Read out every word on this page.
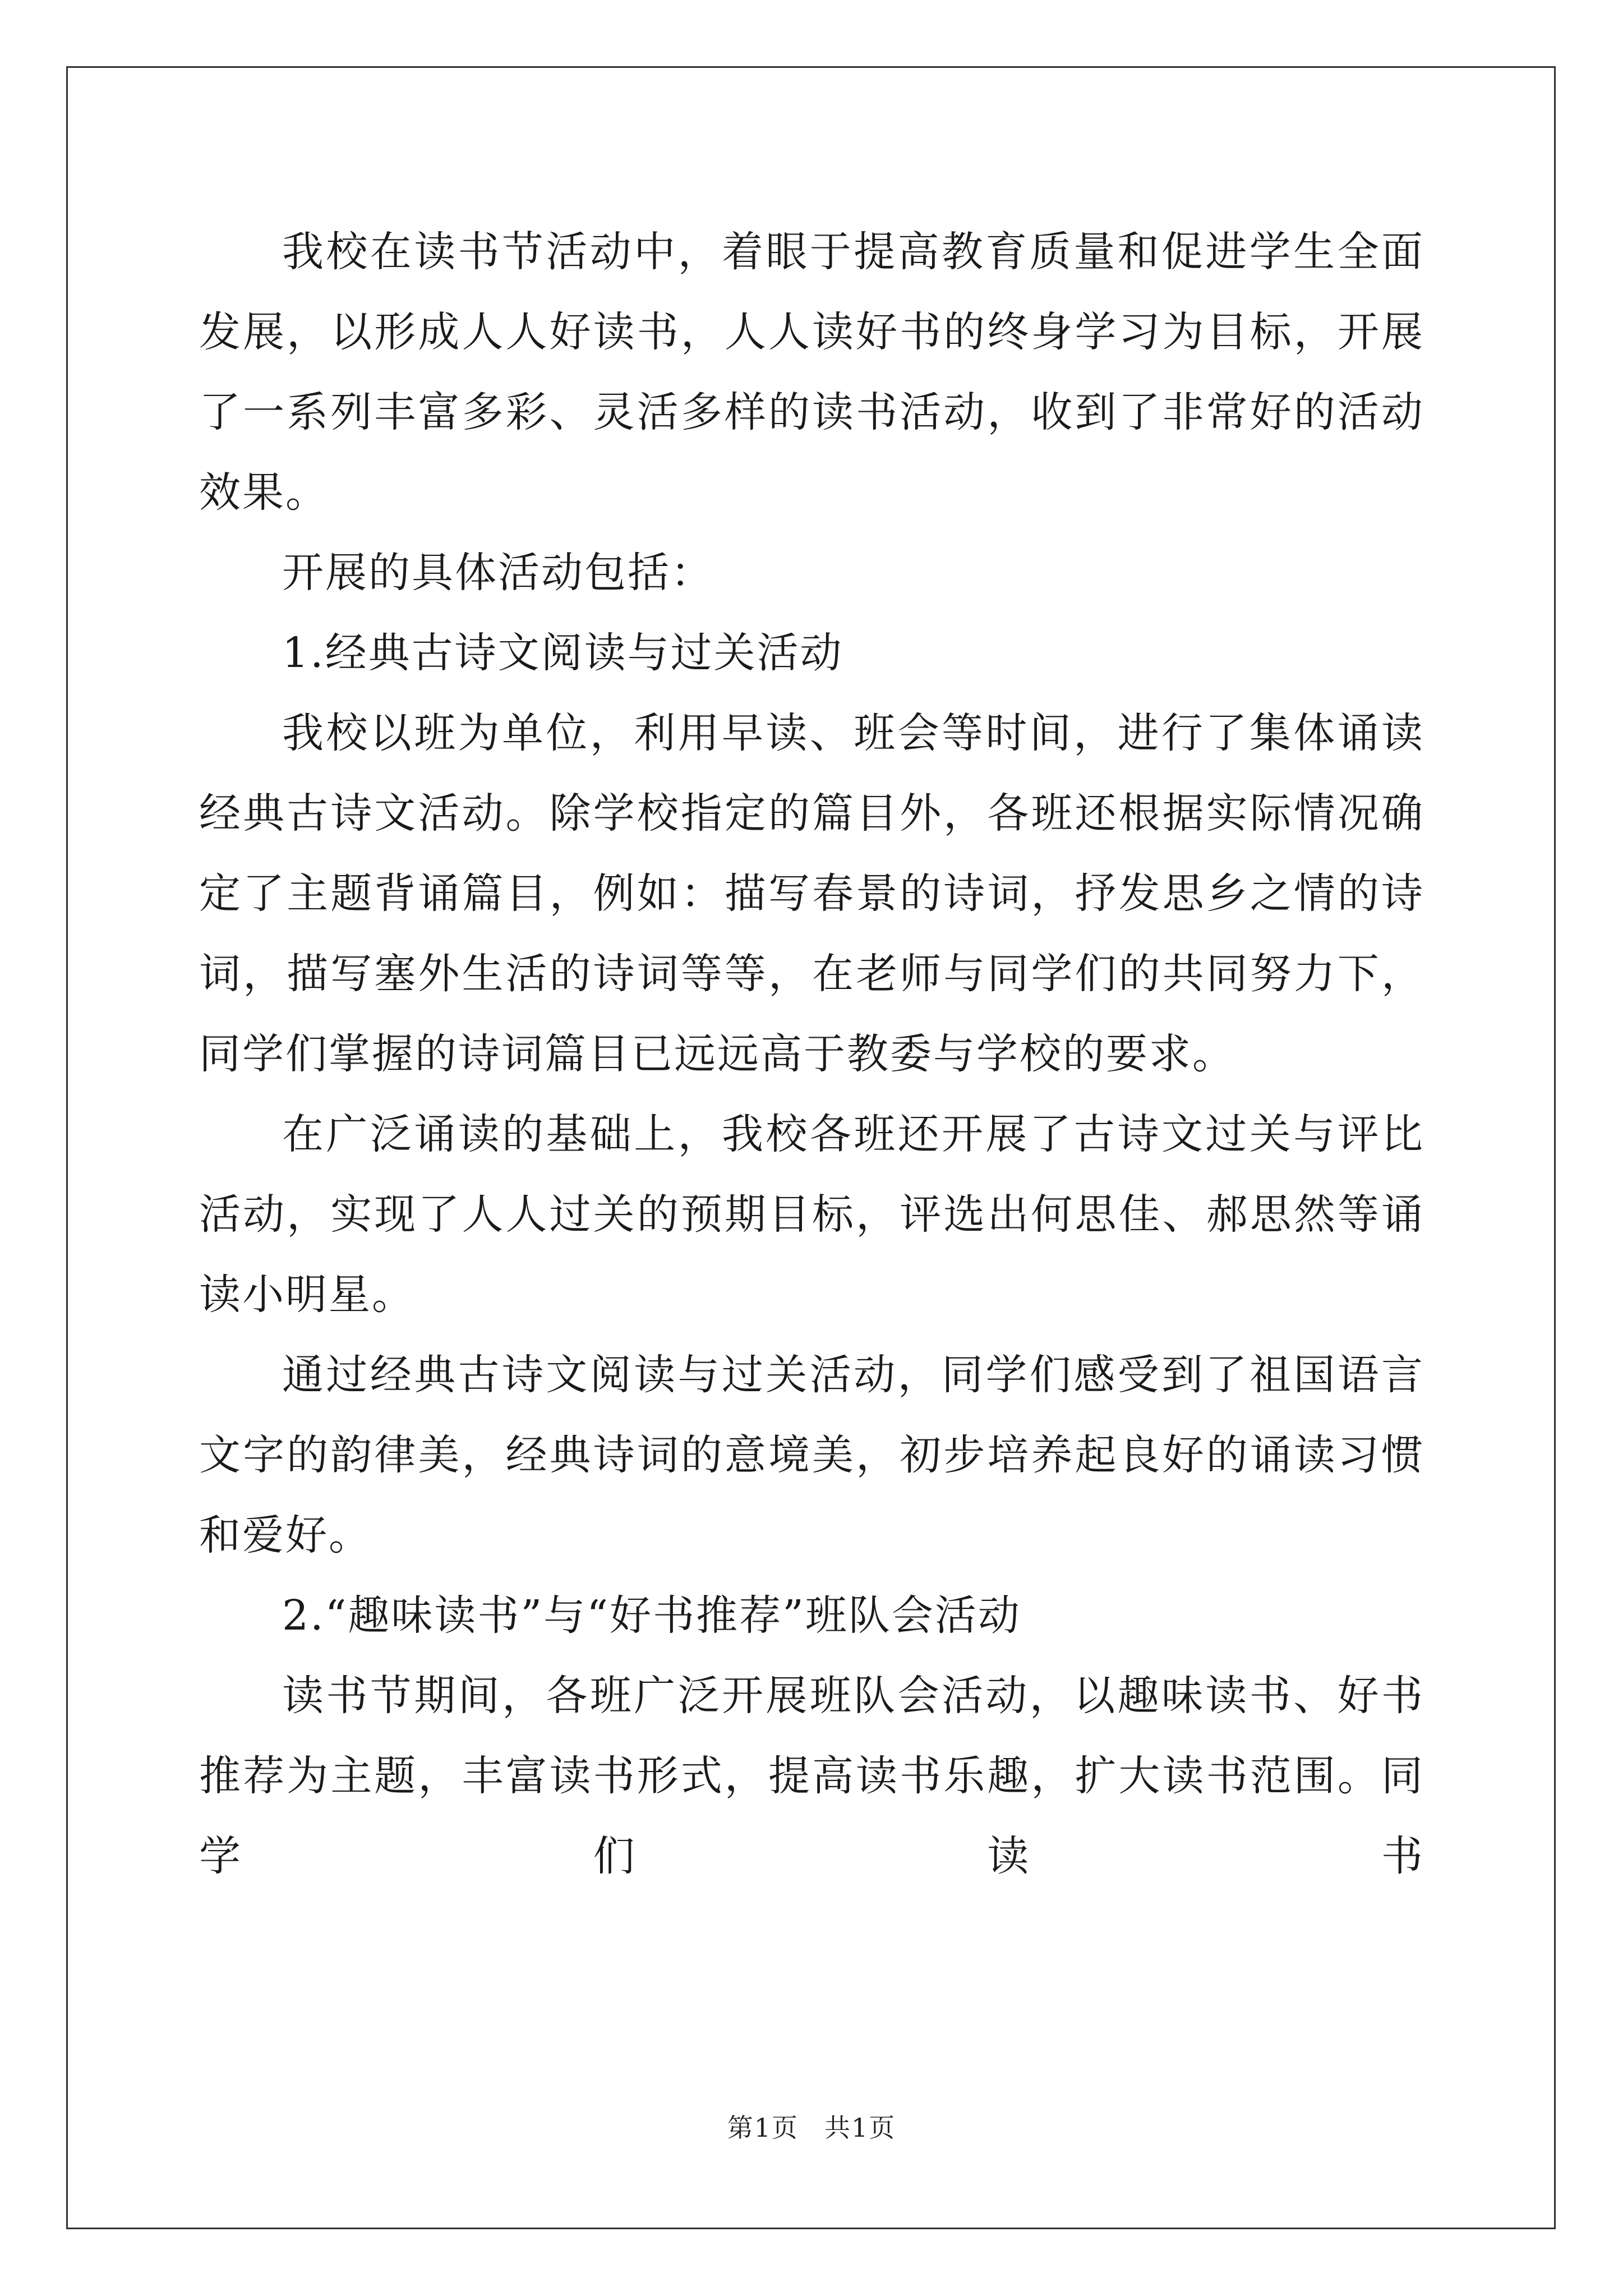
我校在读书节活动中，着眼于提高教育质量和促进学生全面发展，以形成人人好读书，人人读好书的终身学习为目标，开展了一系列丰富多彩、灵活多样的读书活动，收到了非常好的活动效果。

开展的具体活动包括：

1.经典古诗文阅读与过关活动

我校以班为单位，利用早读、班会等时间，进行了集体诵读经典古诗文活动。除学校指定的篇目外，各班还根据实际情况确定了主题背诵篇目，例如：描写春景的诗词，抒发思乡之情的诗词，描写塞外生活的诗词等等，在老师与同学们的共同努力下，同学们掌握的诗词篇目已远远高于教委与学校的要求。

在广泛诵读的基础上，我校各班还开展了古诗文过关与评比活动，实现了人人过关的预期目标，评选出何思佳、郝思然等诵读小明星。

通过经典古诗文阅读与过关活动，同学们感受到了祖国语言文字的韵律美，经典诗词的意境美，初步培养起良好的诵读习惯和爱好。

2.“趣味读书”与“好书推荐”班队会活动

读书节期间，各班广泛开展班队会活动，以趣味读书、好书推荐为主题，丰富读书形式，提高读书乐趣，扩大读书范围。同学们读书

第1页 共1页
